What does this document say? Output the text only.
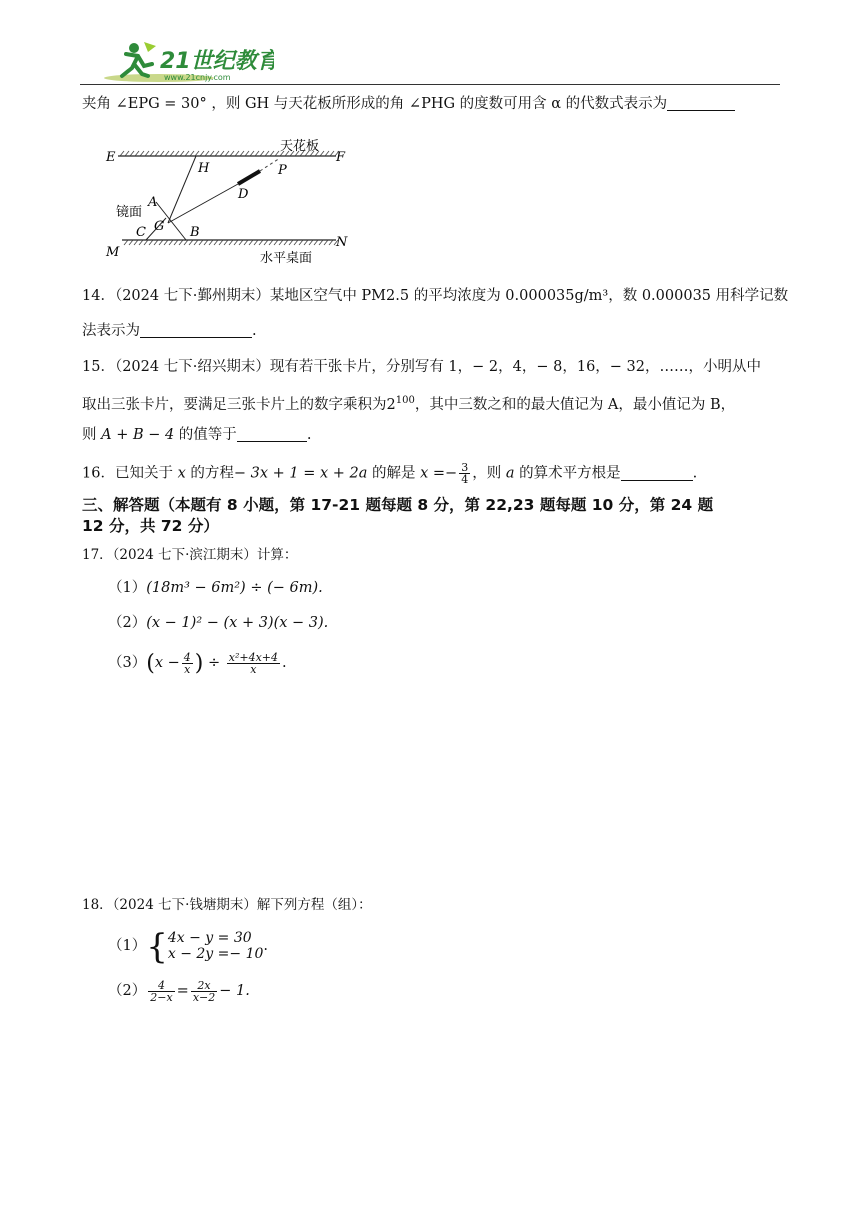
21世纪教育
www.21cnjy.com
夹角 ∠EPG = 30° ，则 GH 与天花板所形成的角 ∠PHG 的度数可用含 α 的代数式表示为
E	F
H	P
D
A
G
C	B
M
N
天花板
镜面
水平桌面
14．（2024 七下·鄞州期末）某地区空气中 PM2.5 的平均浓度为 0.000035g/m³，数 0.000035 用科学记数
法表示为	.
15．（2024 七下·绍兴期末）现有若干张卡片，分别写有 1，− 2，4，− 8，16，− 32，……，小明从中
取出三张卡片，要满足三张卡片上的数字乘积为$2^{100}$，其中三数之和的最大值记为 A，最小值记为 B，
则 A + B − 4 的值等于	.
16．已知关于 x 的方程− 3x + 1 = x + 2a 的解是 $x =- \frac{3}{4}$ ，则 a 的算术平方根是	.
三、解答题（本题有 8 小题，第 17-21 题每题 8 分，第 22,23 题每题 10 分，第 24 题
12 分，共 72 分）
17．（2024 七下·滨江期末）计算：
（1）(18m³ − 6m²) ÷ (− 6m).
（2）(x − 1)² − (x + 3)(x − 3).
$(3)(x - \frac{4}{x}$ ) ÷ $\frac{\text{x²+4x+4}}{x}$ .
18．（2024 七下·钱塘期末）解下列方程（组）：
（1）{ 4x − y = 30
x − 2y =− 10 .
$(2) \frac{4}{2-x} = \frac{2x}{x-2} - 1$.
